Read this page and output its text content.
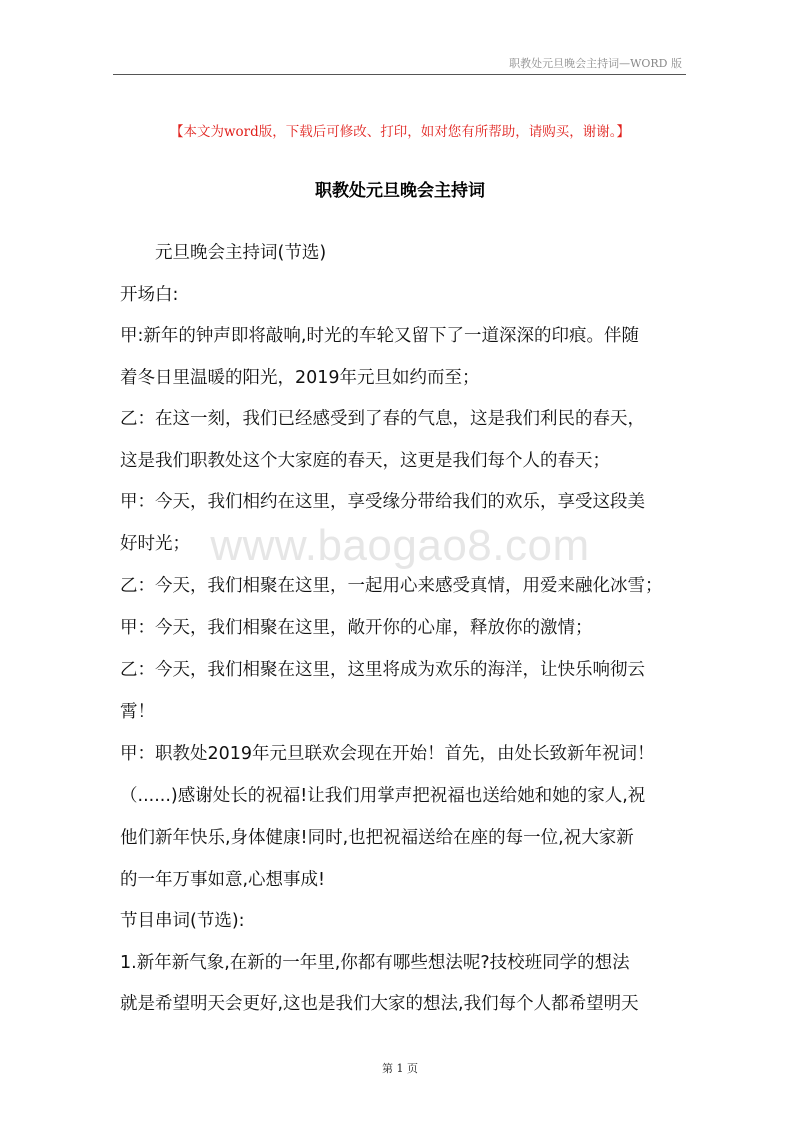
职教处元旦晚会主持词—WORD 版
【本文为word版，下载后可修改、打印，如对您有所帮助，请购买，谢谢。】
职教处元旦晚会主持词
www.baogao8.com
　　元旦晚会主持词(节选)
开场白:
甲:新年的钟声即将敲响,时光的车轮又留下了一道深深的印痕。伴随
着冬日里温暖的阳光，2019年元旦如约而至；
乙：在这一刻，我们已经感受到了春的气息，这是我们利民的春天，
这是我们职教处这个大家庭的春天，这更是我们每个人的春天；
甲：今天，我们相约在这里，享受缘分带给我们的欢乐，享受这段美
好时光；
乙：今天，我们相聚在这里，一起用心来感受真情，用爱来融化冰雪；
甲：今天，我们相聚在这里，敞开你的心扉，释放你的激情；
乙：今天，我们相聚在这里，这里将成为欢乐的海洋，让快乐响彻云
霄！
甲：职教处2019年元旦联欢会现在开始！首先，由处长致新年祝词！
（......)感谢处长的祝福!让我们用掌声把祝福也送给她和她的家人,祝
他们新年快乐,身体健康!同时,也把祝福送给在座的每一位,祝大家新
的一年万事如意,心想事成!
节目串词(节选):
1.新年新气象,在新的一年里,你都有哪些想法呢?技校班同学的想法
就是希望明天会更好,这也是我们大家的想法,我们每个人都希望明天
第 1 页
